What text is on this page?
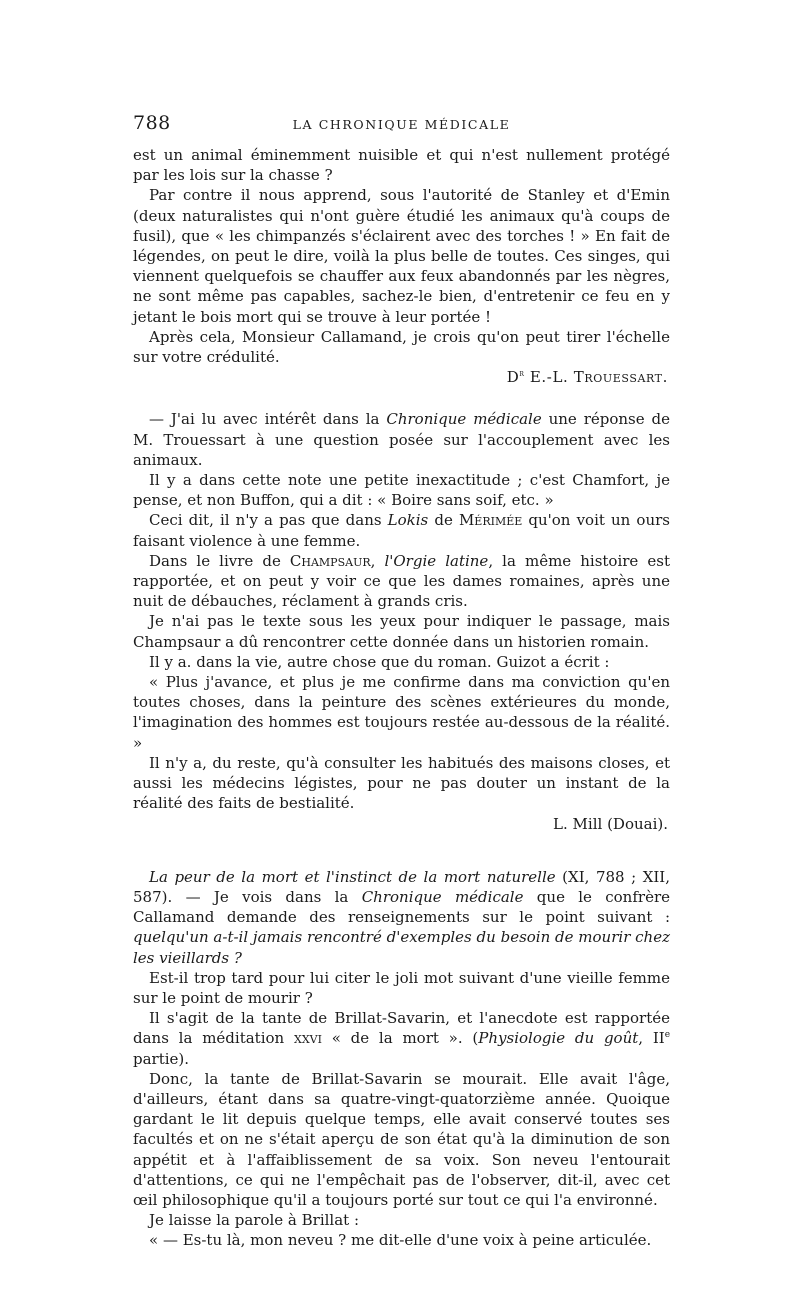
788	LA CHRONIQUE MÉDICALE

est un animal éminemment nuisible et qui n'est nullement protégé par les lois sur la chasse ?

Par contre il nous apprend, sous l'autorité de Stanley et d'Emin (deux naturalistes qui n'ont guère étudié les animaux qu'à coups de fusil), que « les chimpanzés s'éclairent avec des torches ! » En fait de légendes, on peut le dire, voilà la plus belle de toutes. Ces singes, qui viennent quelquefois se chauffer aux feux abandonnés par les nègres, ne sont même pas capables, sachez-le bien, d'entretenir ce feu en y jetant le bois mort qui se trouve à leur portée !

Après cela, Monsieur Callamand, je crois qu'on peut tirer l'échelle sur votre crédulité.

$D^r$ E.-L. Trouessart.

— J'ai lu avec intérêt dans la Chronique médicale une réponse de M. Trouessart à une question posée sur l'accouplement avec les animaux.

Il y a dans cette note une petite inexactitude ; c'est Chamfort, je pense, et non Buffon, qui a dit : « Boire sans soif, etc. »

Ceci dit, il n'y a pas que dans Lokis de Mérimée qu'on voit un ours faisant violence à une femme.

Dans le livre de Champsaur, l'Orgie latine, la même histoire est rapportée, et on peut y voir ce que les dames romaines, après une nuit de débauches, réclament à grands cris.

Je n'ai pas le texte sous les yeux pour indiquer le passage, mais Champsaur a dû rencontrer cette donnée dans un historien romain.

Il y a. dans la vie, autre chose que du roman. Guizot a écrit :

« Plus j'avance, et plus je me confirme dans ma conviction qu'en toutes choses, dans la peinture des scènes extérieures du monde, l'imagination des hommes est toujours restée au-dessous de la réalité. »

Il n'y a, du reste, qu'à consulter les habitués des maisons closes, et aussi les médecins légistes, pour ne pas douter un instant de la réalité des faits de bestialité.

L. Mill (Douai).

La peur de la mort et l'instinct de la mort naturelle (XI, 788 ; XII, 587). — Je vois dans la Chronique médicale que le confrère Callamand demande des renseignements sur le point suivant : quelqu'un a-t-il jamais rencontré d'exemples du besoin de mourir chez les vieillards ?

Est-il trop tard pour lui citer le joli mot suivant d'une vieille femme sur le point de mourir ?

Il s'agit de la tante de Brillat-Savarin, et l'anecdote est rapportée dans la méditation xxvi « de la mort ». (Physiologie du goût, IIe partie).

Donc, la tante de Brillat-Savarin se mourait. Elle avait l'âge, d'ailleurs, étant dans sa quatre-vingt-quatorzième année. Quoique gardant le lit depuis quelque temps, elle avait conservé toutes ses facultés et on ne s'était aperçu de son état qu'à la diminution de son appétit et à l'affaiblissement de sa voix. Son neveu l'entourait d'attentions, ce qui ne l'empêchait pas de l'observer, dit-il, avec cet œil philosophique qu'il a toujours porté sur tout ce qui l'a environné.

Je laisse la parole à Brillat :

« — Es-tu là, mon neveu ? me dit-elle d'une voix à peine articulée.
